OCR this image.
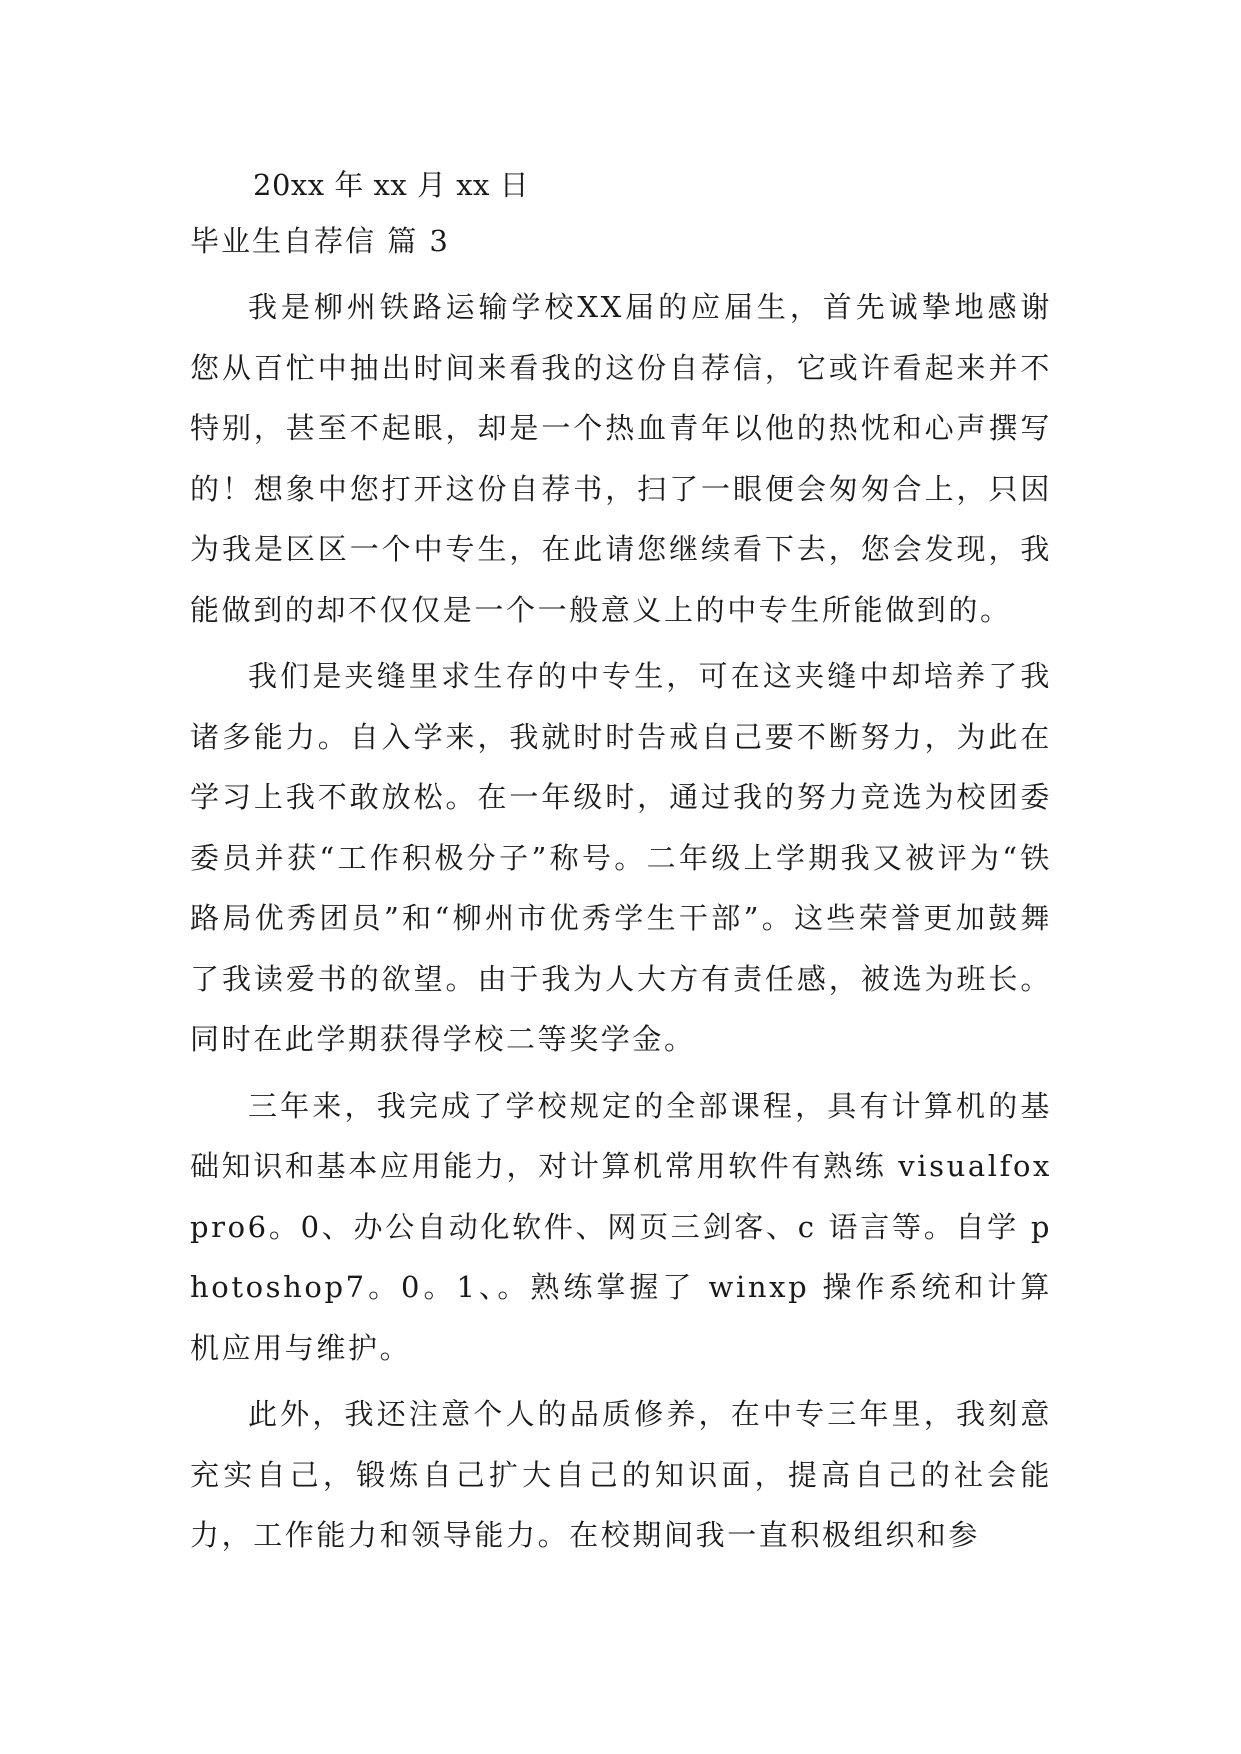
20xx 年 xx 月 xx 日
毕业生自荐信 篇 3

我是柳州铁路运输学校XX届的应届生，首先诚挚地感谢您从百忙中抽出时间来看我的这份自荐信，它或许看起来并不特别，甚至不起眼，却是一个热血青年以他的热忱和心声撰写的！想象中您打开这份自荐书，扫了一眼便会匆匆合上，只因为我是区区一个中专生，在此请您继续看下去，您会发现，我能做到的却不仅仅是一个一般意义上的中专生所能做到的。

我们是夹缝里求生存的中专生，可在这夹缝中却培养了我诸多能力。自入学来，我就时时告戒自己要不断努力，为此在学习上我不敢放松。在一年级时，通过我的努力竞选为校团委委员并获“工作积极分子”称号。二年级上学期我又被评为“铁路局优秀团员”和“柳州市优秀学生干部”。这些荣誉更加鼓舞了我读爱书的欲望。由于我为人大方有责任感，被选为班长。同时在此学期获得学校二等奖学金。

三年来，我完成了学校规定的全部课程，具有计算机的基础知识和基本应用能力，对计算机常用软件有熟练 visualfoxpro6。0、办公自动化软件、网页三剑客、c 语言等。自学 photoshop7。0。1、。熟练掌握了 winxp 操作系统和计算机应用与维护。

此外，我还注意个人的品质修养，在中专三年里，我刻意充实自己，锻炼自己扩大自己的知识面，提高自己的社会能力，工作能力和领导能力。在校期间我一直积极组织和参
